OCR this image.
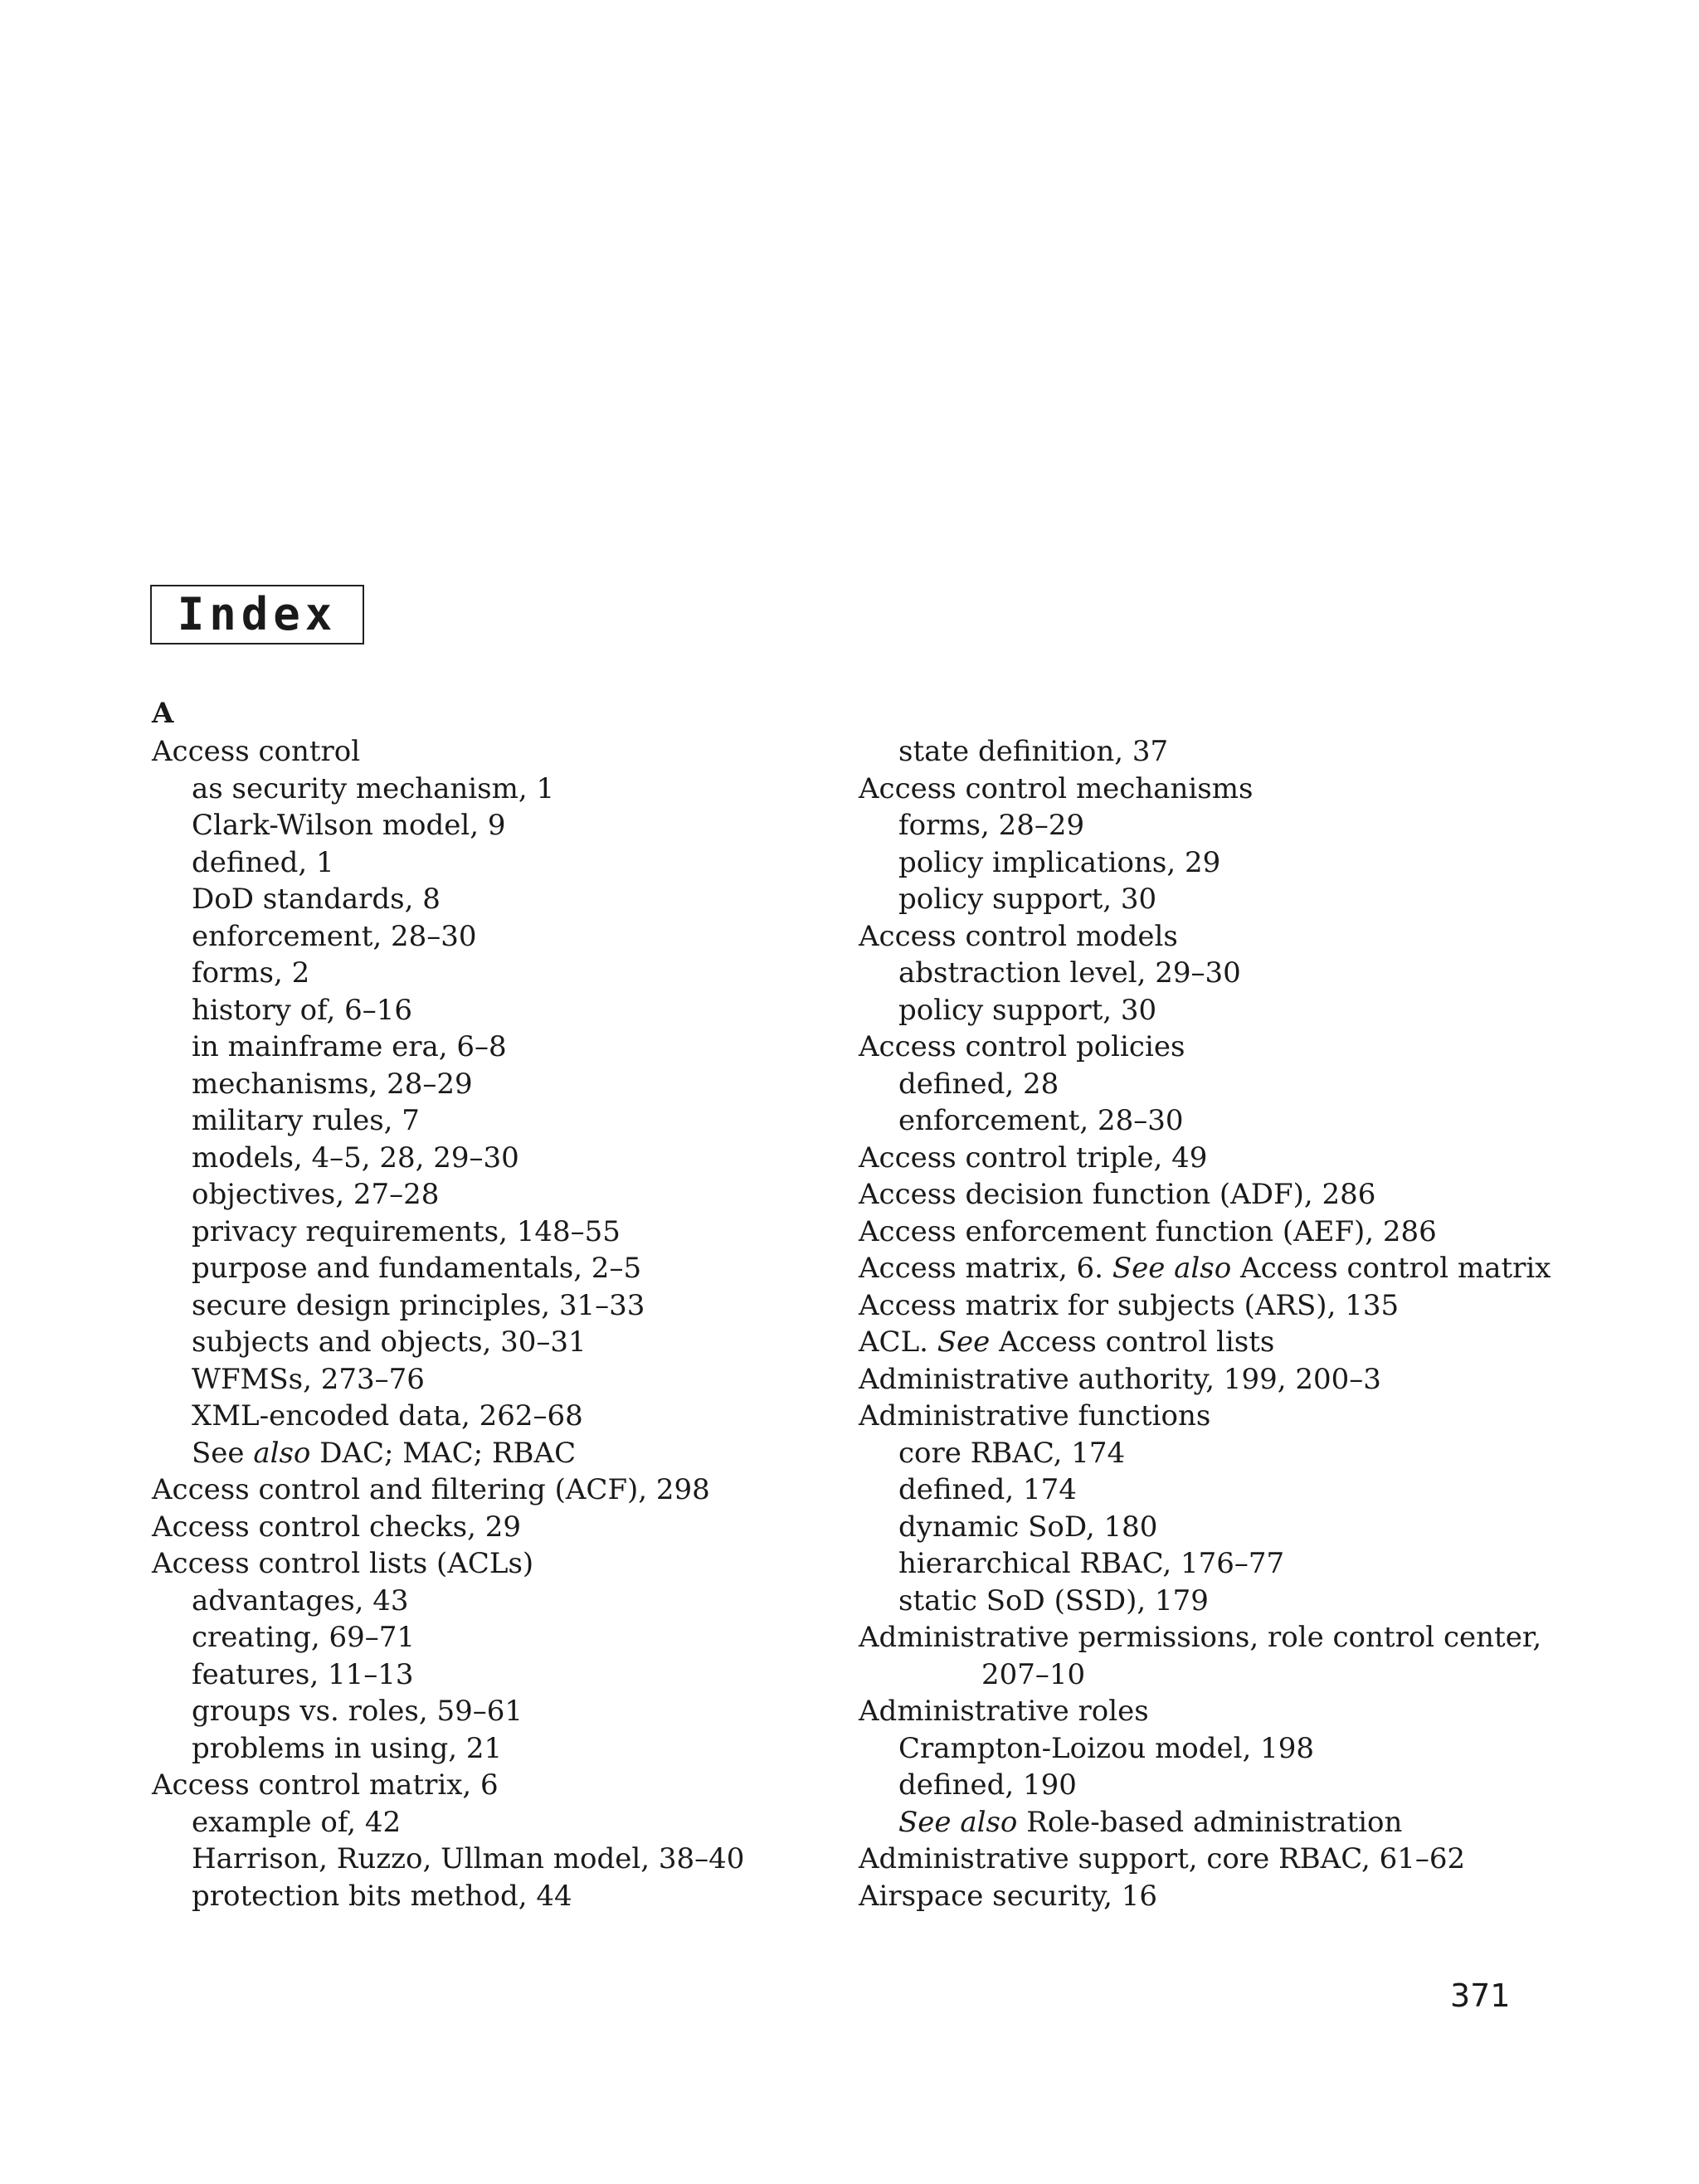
Index
A
Access control
as security mechanism, 1
Clark-Wilson model, 9
defined, 1
DoD standards, 8
enforcement, 28–30
forms, 2
history of, 6–16
in mainframe era, 6–8
mechanisms, 28–29
military rules, 7
models, 4–5, 28, 29–30
objectives, 27–28
privacy requirements, 148–55
purpose and fundamentals, 2–5
secure design principles, 31–33
subjects and objects, 30–31
WFMSs, 273–76
XML-encoded data, 262–68
See also DAC; MAC; RBAC
Access control and filtering (ACF), 298
Access control checks, 29
Access control lists (ACLs)
advantages, 43
creating, 69–71
features, 11–13
groups vs. roles, 59–61
problems in using, 21
Access control matrix, 6
example of, 42
Harrison, Ruzzo, Ullman model, 38–40
protection bits method, 44
state definition, 37
Access control mechanisms
forms, 28–29
policy implications, 29
policy support, 30
Access control models
abstraction level, 29–30
policy support, 30
Access control policies
defined, 28
enforcement, 28–30
Access control triple, 49
Access decision function (ADF), 286
Access enforcement function (AEF), 286
Access matrix, 6. See also Access control matrix
Access matrix for subjects (ARS), 135
ACL. See Access control lists
Administrative authority, 199, 200–3
Administrative functions
core RBAC, 174
defined, 174
dynamic SoD, 180
hierarchical RBAC, 176–77
static SoD (SSD), 179
Administrative permissions, role control center,
207–10
Administrative roles
Crampton-Loizou model, 198
defined, 190
See also Role-based administration
Administrative support, core RBAC, 61–62
Airspace security, 16
371
